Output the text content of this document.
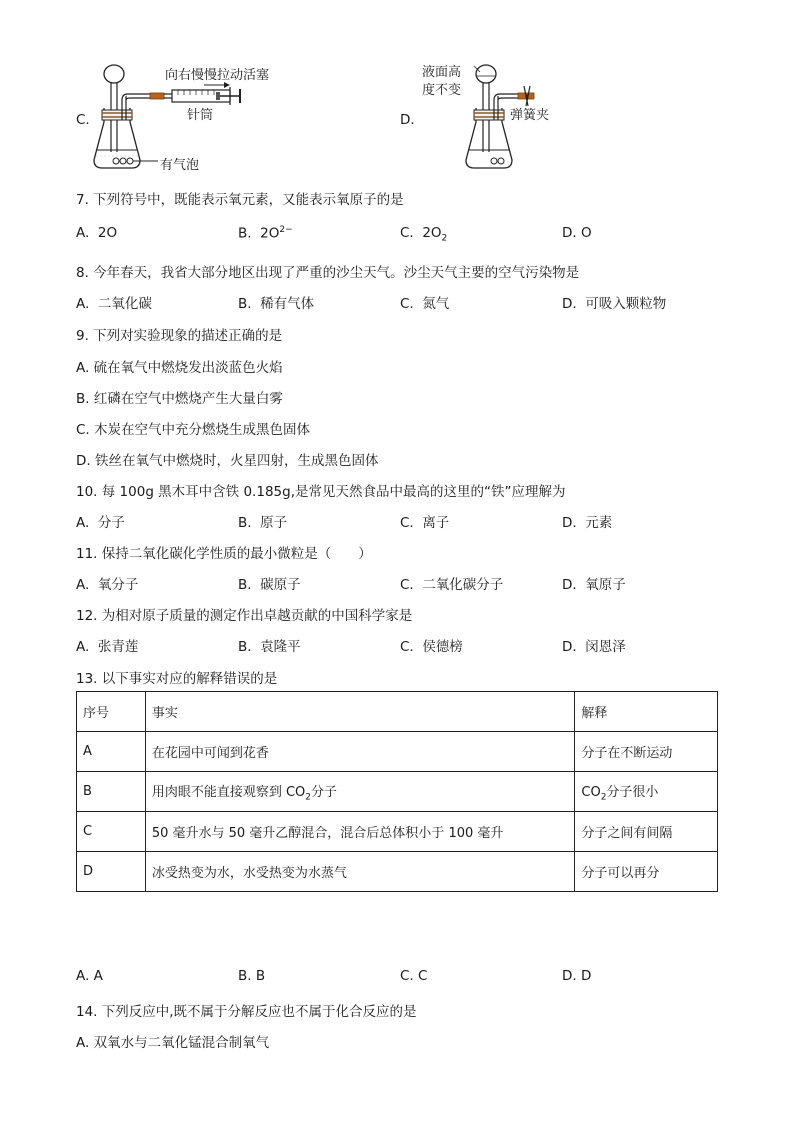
C.
向右慢慢拉动活塞
针筒
有气泡
D.
液面高
度不变
弹簧夹
7. 下列符号中，既能表示氧元素，又能表示氧原子的是
A. 2O	B. $2O^{2-}$	C. $2O_2$	D. O
8. 今年春天，我省大部分地区出现了严重的沙尘天气。沙尘天气主要的空气污染物是
A. 二氧化碳	B. 稀有气体	C. 氮气	D. 可吸入颗粒物
9. 下列对实验现象的描述正确的是
A. 硫在氧气中燃烧发出淡蓝色火焰
B. 红磷在空气中燃烧产生大量白雾
C. 木炭在空气中充分燃烧生成黑色固体
D. 铁丝在氧气中燃烧时，火星四射，生成黑色固体
10. 每 100g 黑木耳中含铁 0.185g,是常见天然食品中最高的这里的“铁”应理解为
A. 分子	B. 原子	C. 离子	D. 元素
11. 保持二氧化碳化学性质的最小微粒是（　　）
A. 氧分子	B. 碳原子	C. 二氧化碳分子	D. 氧原子
12. 为相对原子质量的测定作出卓越贡献的中国科学家是
A. 张青莲	B. 袁隆平	C. 侯德榜	D. 闵恩泽
13. 以下事实对应的解释错误的是
序号	事实	解释
A	在花园中可闻到花香	分子在不断运动
B	用肉眼不能直接观察到 $CO_2$分子	$CO_2$分子很小
C	50 毫升水与 50 毫升乙醇混合，混合后总体积小于 100 毫升	分子之间有间隔
D	冰受热变为水，水受热变为水蒸气	分子可以再分
A. A	B. B	C. C	D. D
14. 下列反应中,既不属于分解反应也不属于化合反应的是
A. 双氧水与二氧化锰混合制氧气
